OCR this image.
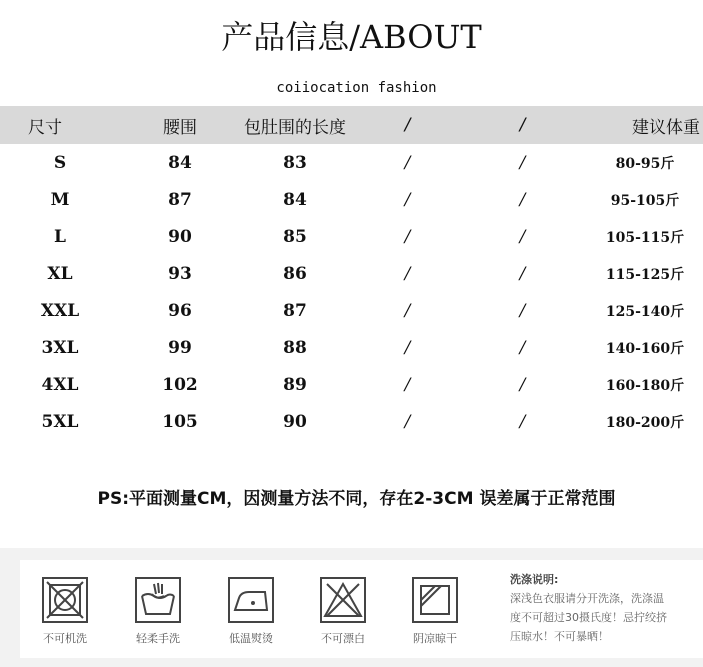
产品信息/ABOUT
coiiocation fashion
尺寸	腰围	包肚围的长度	/	/	建议体重
S	84	83	/	/	80-95斤
M	87	84	/	/	95-105斤
L	90	85	/	/	105-115斤
XL	93	86	/	/	115-125斤
XXL	96	87	/	/	125-140斤
3XL	99	88	/	/	140-160斤
4XL	102	89	/	/	160-180斤
5XL	105	90	/	/	180-200斤
PS:平面测量CM，因测量方法不同，存在2-3CM 误差属于正常范围
不可机洗	轻柔手洗	低温熨烫	不可漂白	阴凉晾干
洗涤说明:
深浅色衣服请分开洗涤，洗涤温
度不可超过30摄氏度！忌拧绞挤
压晾水！不可暴晒！
